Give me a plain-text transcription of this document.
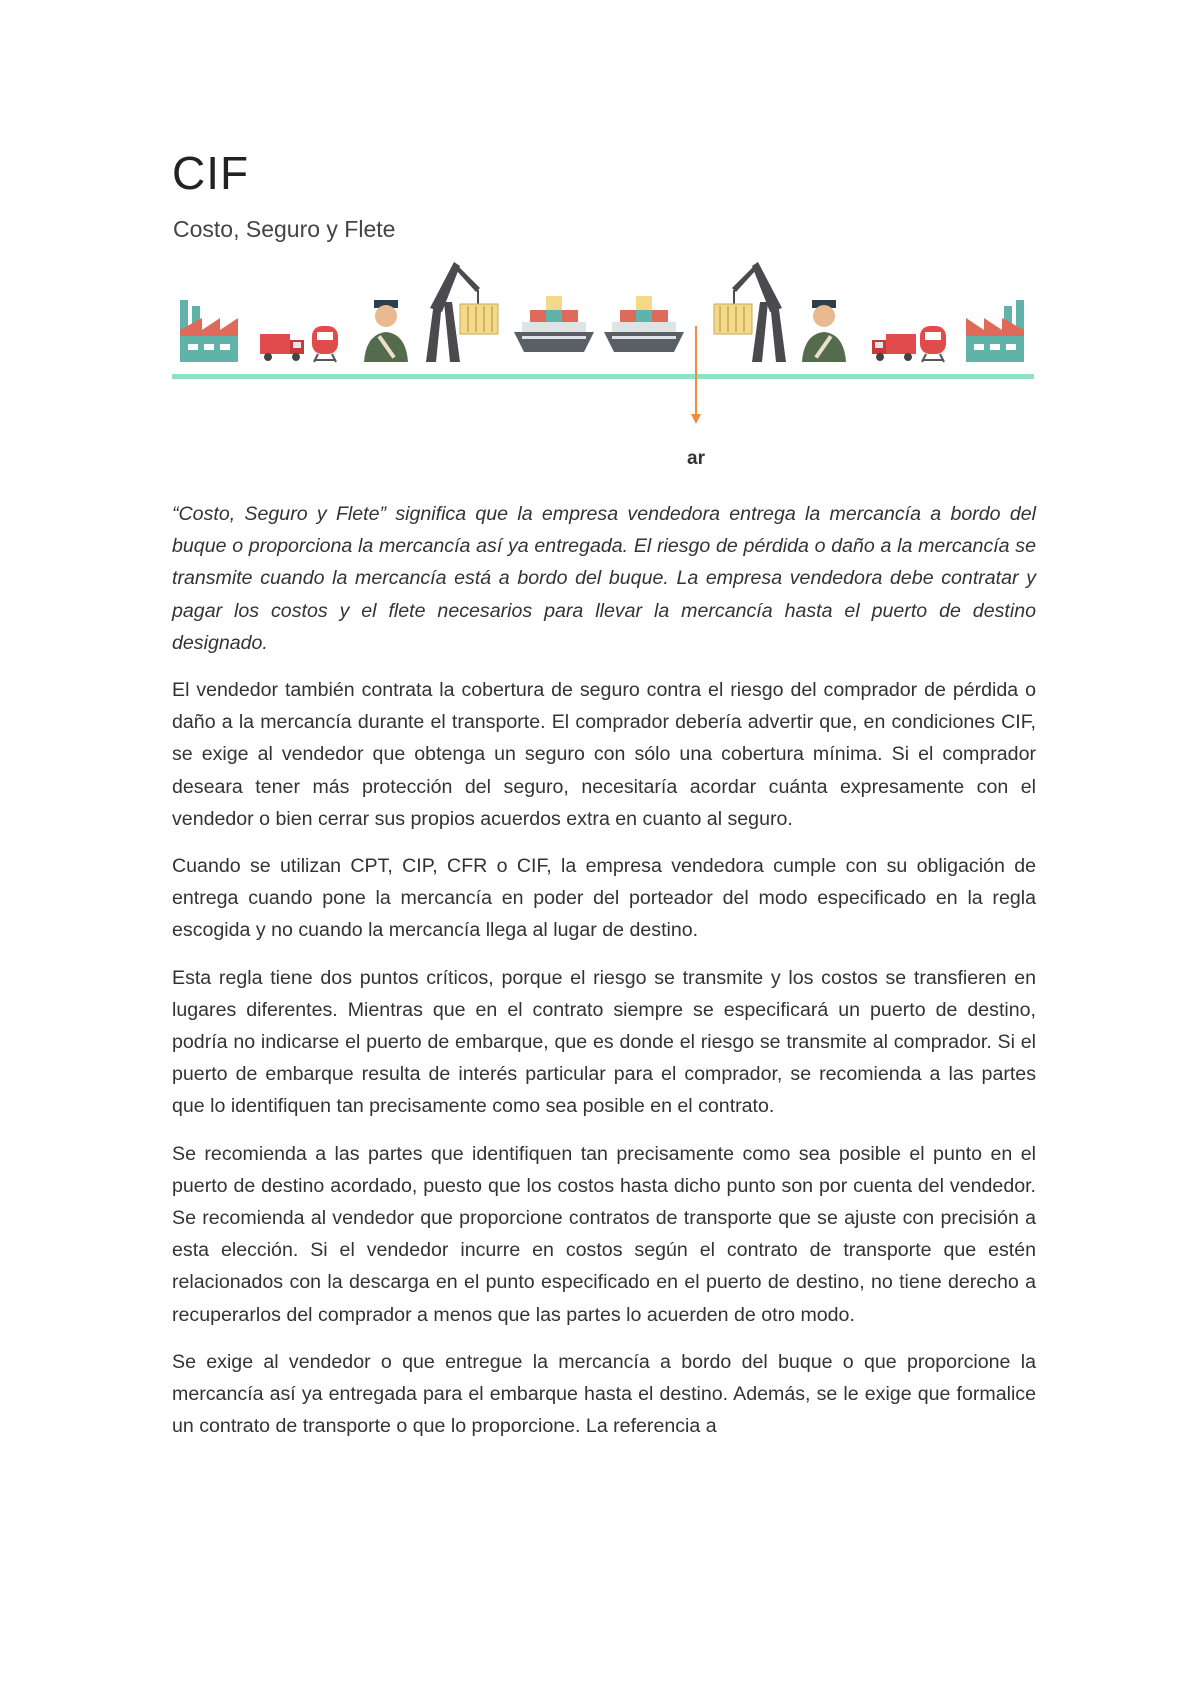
CIF
Costo, Seguro y Flete
ar

“Costo, Seguro y Flete” significa que la empresa vendedora entrega la mercancía a bordo del buque o proporciona la mercancía así ya entregada. El riesgo de pérdida o daño a la mercancía se transmite cuando la mercancía está a bordo del buque. La empresa vendedora debe contratar y pagar los costos y el flete necesarios para llevar la mercancía hasta el puerto de destino designado.

El vendedor también contrata la cobertura de seguro contra el riesgo del comprador de pérdida o daño a la mercancía durante el transporte. El comprador debería advertir que, en condiciones CIF, se exige al vendedor que obtenga un seguro con sólo una cobertura mínima. Si el comprador deseara tener más protección del seguro, necesitaría acordar cuánta expresamente con el vendedor o bien cerrar sus propios acuerdos extra en cuanto al seguro.

Cuando se utilizan CPT, CIP, CFR o CIF, la empresa vendedora cumple con su obligación de entrega cuando pone la mercancía en poder del porteador del modo especificado en la regla escogida y no cuando la mercancía llega al lugar de destino.

Esta regla tiene dos puntos críticos, porque el riesgo se transmite y los costos se transfieren en lugares diferentes. Mientras que en el contrato siempre se especificará un puerto de destino, podría no indicarse el puerto de embarque, que es donde el riesgo se transmite al comprador. Si el puerto de embarque resulta de interés particular para el comprador, se recomienda a las partes que lo identifiquen tan precisamente como sea posible en el contrato.

Se recomienda a las partes que identifiquen tan precisamente como sea posible el punto en el puerto de destino acordado, puesto que los costos hasta dicho punto son por cuenta del vendedor. Se recomienda al vendedor que proporcione contratos de transporte que se ajuste con precisión a esta elección. Si el vendedor incurre en costos según el contrato de transporte que estén relacionados con la descarga en el punto especificado en el puerto de destino, no tiene derecho a recuperarlos del comprador a menos que las partes lo acuerden de otro modo.

Se exige al vendedor o que entregue la mercancía a bordo del buque o que proporcione la mercancía así ya entregada para el embarque hasta el destino. Además, se le exige que formalice un contrato de transporte o que lo proporcione. La referencia a
